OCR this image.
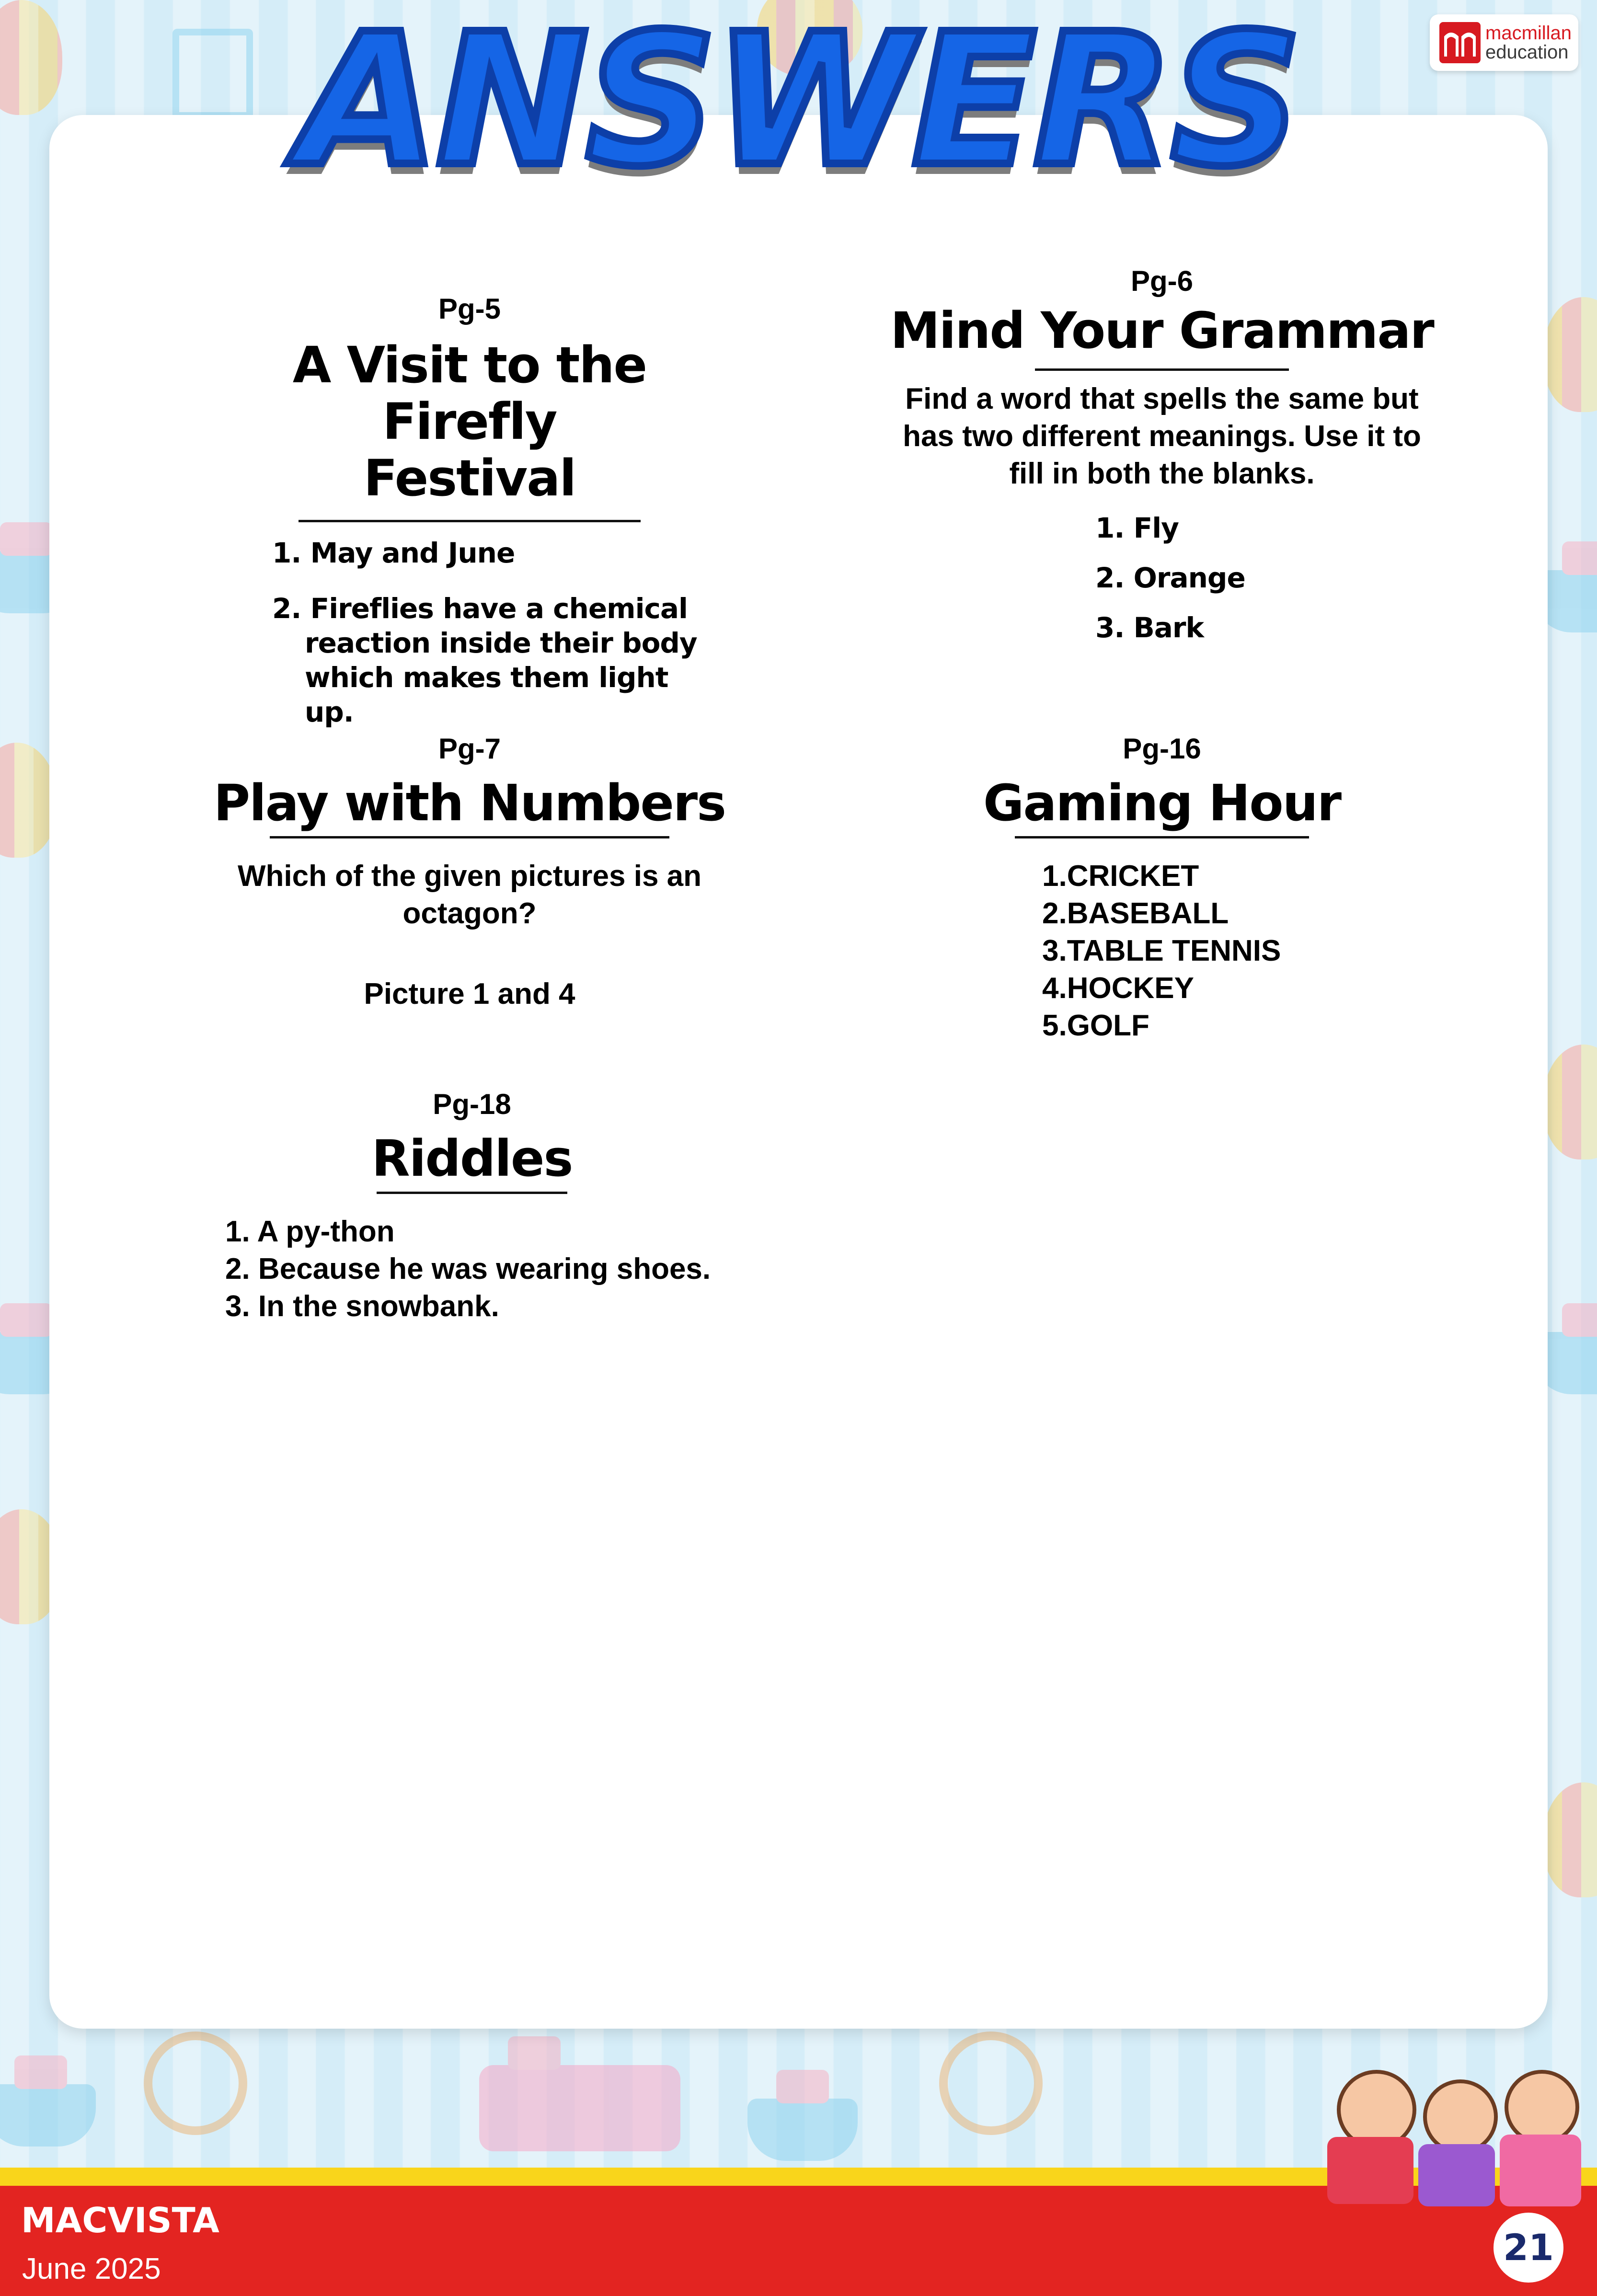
macmillan
education
ANSWERS

Pg-5

A Visit to the Firefly
Festival
1. May and June
2. Fireflies have a chemical
reaction inside their body
which makes them light up.

Pg-6

Mind Your Grammar
Find a word that spells the same but
has two different meanings. Use it to
fill in both the blanks.
1. Fly
2. Orange
3. Bark

Pg-7

Play with Numbers
Which of the given pictures is an
octagon?

Picture 1 and 4

Pg-16

Gaming Hour
1.CRICKET
2.BASEBALL
3.TABLE TENNIS
4.HOCKEY
5.GOLF

Pg-18

Riddles
1. A py-thon
2. Because he was wearing shoes.
3. In the snowbank.

MACVISTA

June 2025

21
